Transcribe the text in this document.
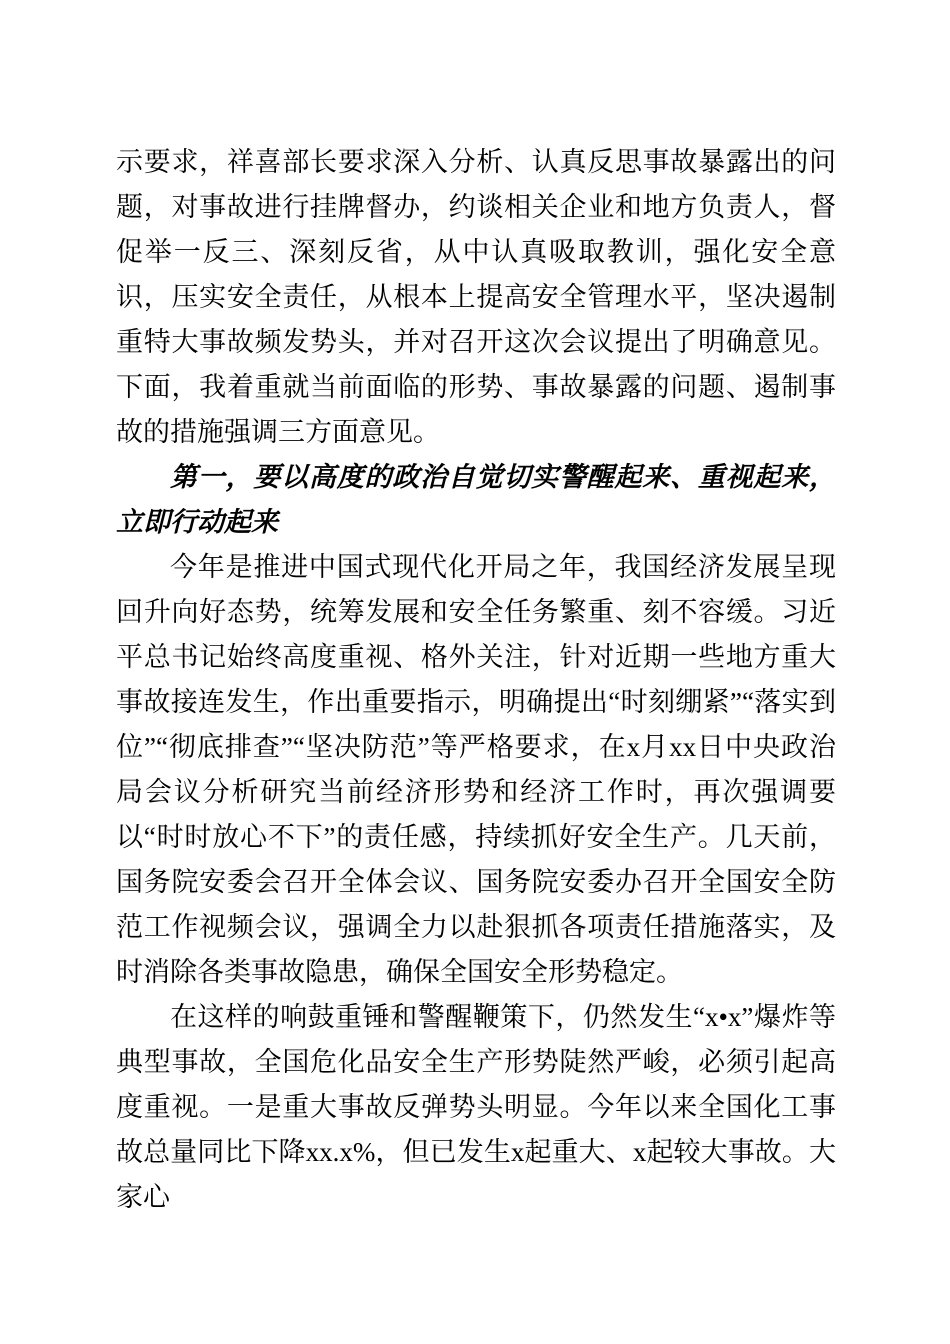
示要求，祥喜部长要求深入分析、认真反思事故暴露出的问题，对事故进行挂牌督办，约谈相关企业和地方负责人，督促举一反三、深刻反省，从中认真吸取教训，强化安全意识，压实安全责任，从根本上提高安全管理水平，坚决遏制重特大事故频发势头，并对召开这次会议提出了明确意见。下面，我着重就当前面临的形势、事故暴露的问题、遏制事故的措施强调三方面意见。

第一，要以高度的政治自觉切实警醒起来、重视起来，立即行动起来

今年是推进中国式现代化开局之年，我国经济发展呈现回升向好态势，统筹发展和安全任务繁重、刻不容缓。习近平总书记始终高度重视、格外关注，针对近期一些地方重大事故接连发生，作出重要指示，明确提出“时刻绷紧”“落实到位”“彻底排查”“坚决防范”等严格要求，在x月xx日中央政治局会议分析研究当前经济形势和经济工作时，再次强调要以“时时放心不下”的责任感，持续抓好安全生产。几天前，国务院安委会召开全体会议、国务院安委办召开全国安全防范工作视频会议，强调全力以赴狠抓各项责任措施落实，及时消除各类事故隐患，确保全国安全形势稳定。

在这样的响鼓重锤和警醒鞭策下，仍然发生“x•x”爆炸等典型事故，全国危化品安全生产形势陡然严峻，必须引起高度重视。一是重大事故反弹势头明显。今年以来全国化工事故总量同比下降xx.x%，但已发生x起重大、x起较大事故。大家心
